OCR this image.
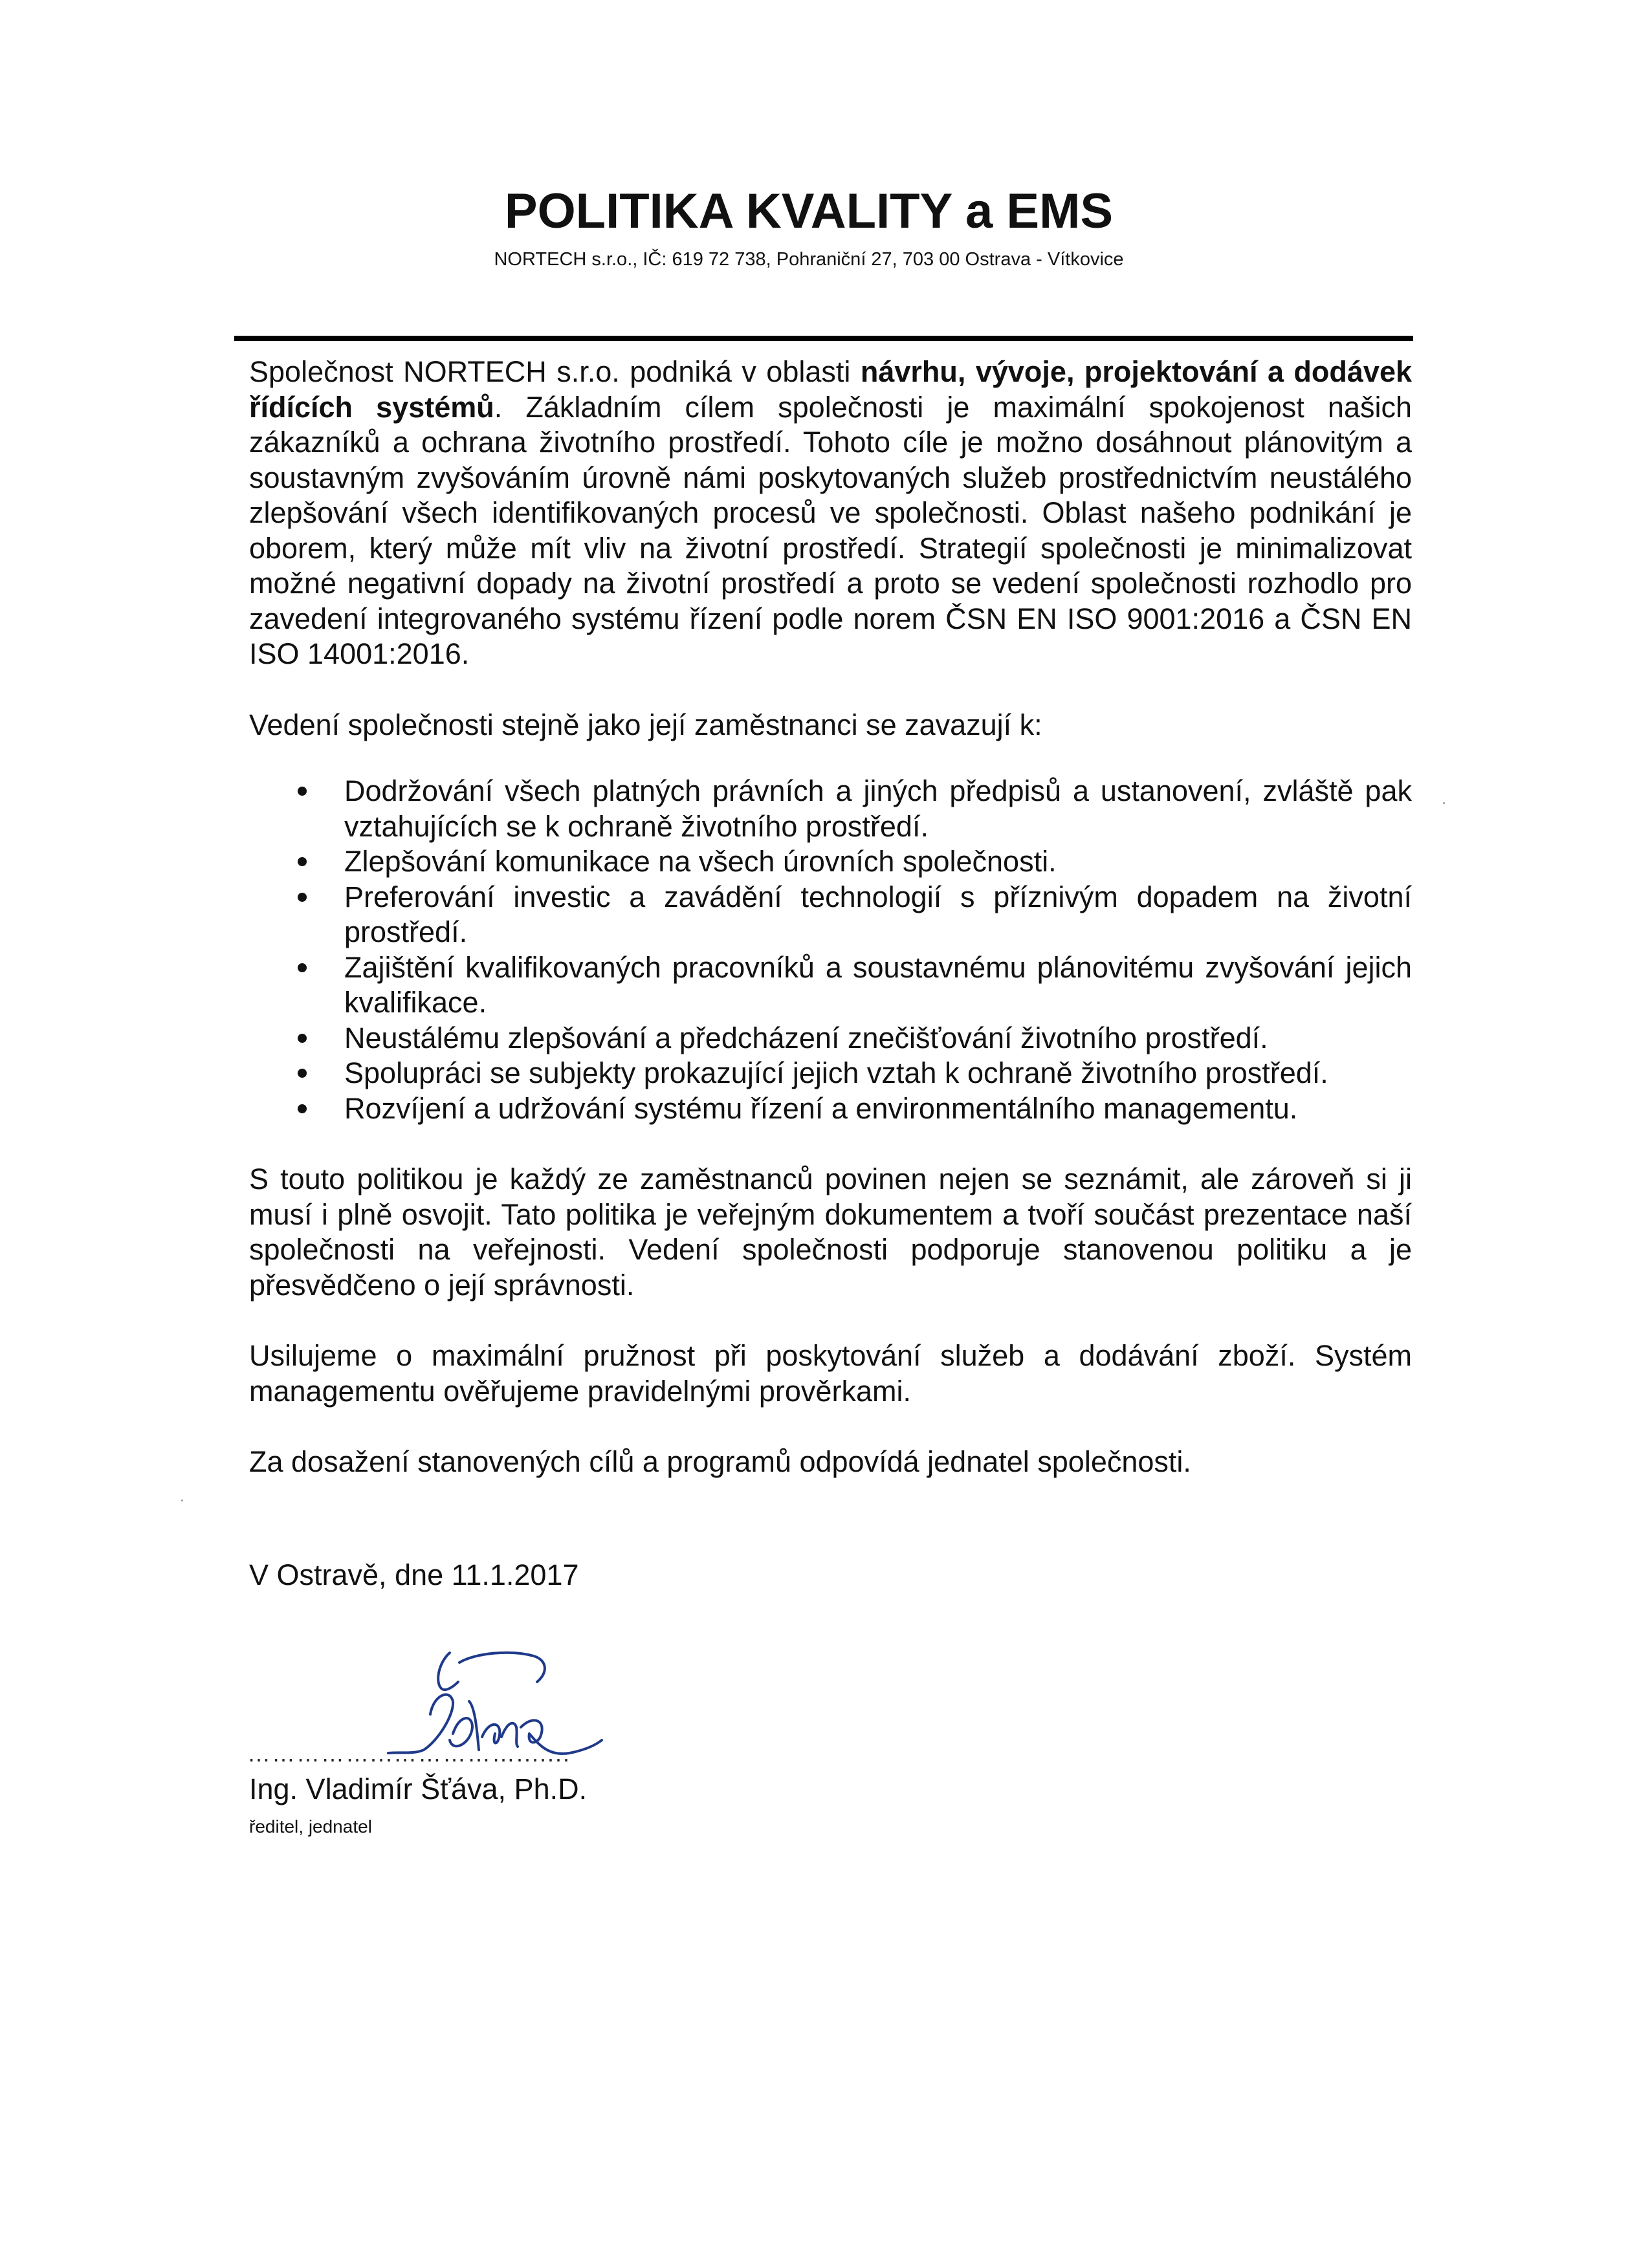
POLITIKA KVALITY a EMS

NORTECH s.r.o., IČ: 619 72 738, Pohraniční 27, 703 00 Ostrava - Vítkovice

Společnost NORTECH s.r.o. podniká v oblasti návrhu, vývoje, projektování a dodávek řídících systémů. Základním cílem společnosti je maximální spokojenost našich zákazníků a ochrana životního prostředí. Tohoto cíle je možno dosáhnout plánovitým a soustavným zvyšováním úrovně námi poskytovaných služeb prostřednictvím neustálého zlepšování všech identifikovaných procesů ve společnosti. Oblast našeho podnikání je oborem, který může mít vliv na životní prostředí. Strategií společnosti je minimalizovat možné negativní dopady na životní prostředí a proto se vedení společnosti rozhodlo pro zavedení integrovaného systému řízení podle norem ČSN EN ISO 9001:2016 a ČSN EN ISO 14001:2016.

Vedení společnosti stejně jako její zaměstnanci se zavazují k:

Dodržování všech platných právních a jiných předpisů a ustanovení, zvláště pak vztahujících se k ochraně životního prostředí.
Zlepšování komunikace na všech úrovních společnosti.
Preferování investic a zavádění technologií s příznivým dopadem na životní prostředí.
Zajištění kvalifikovaných pracovníků a soustavnému plánovitému zvyšování jejich kvalifikace.
Neustálému zlepšování a předcházení znečišťování životního prostředí.
Spolupráci se subjekty prokazující jejich vztah k ochraně životního prostředí.
Rozvíjení a udržování systému řízení a environmentálního managementu.

S touto politikou je každý ze zaměstnanců povinen nejen se seznámit, ale zároveň si ji musí i plně osvojit. Tato politika je veřejným dokumentem a tvoří součást prezentace naší společnosti na veřejnosti. Vedení společnosti podporuje stanovenou politiku a je přesvědčeno o její správnosti.

Usilujeme o maximální pružnost při poskytování služeb a dodávání zboží. Systém managementu ověřujeme pravidelnými prověrkami.

Za dosažení stanovených cílů a programů odpovídá jednatel společnosti.

V Ostravě, dne 11.1.2017

……………...…………….......

Ing. Vladimír Šťáva, Ph.D.

ředitel, jednatel
